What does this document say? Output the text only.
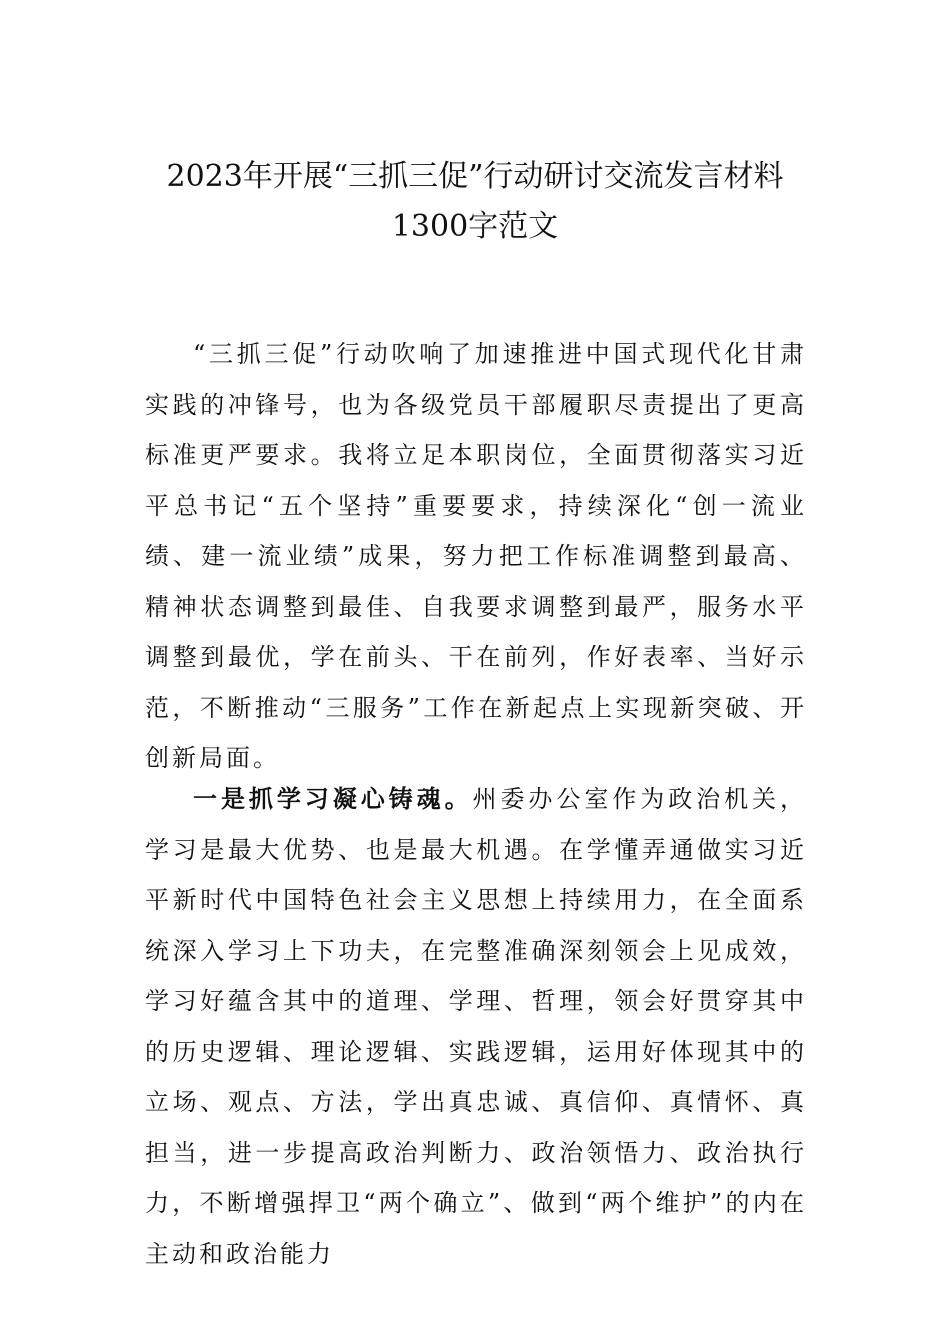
2023年开展“三抓三促”行动研讨交流发言材料1300字范文

“三抓三促”行动吹响了加速推进中国式现代化甘肃实践的冲锋号，也为各级党员干部履职尽责提出了更高标准更严要求。我将立足本职岗位，全面贯彻落实习近平总书记“五个坚持”重要要求，持续深化“创一流业绩、建一流业绩”成果，努力把工作标准调整到最高、精神状态调整到最佳、自我要求调整到最严，服务水平调整到最优，学在前头、干在前列，作好表率、当好示范，不断推动“三服务”工作在新起点上实现新突破、开创新局面。

一是抓学习凝心铸魂。州委办公室作为政治机关，学习是最大优势、也是最大机遇。在学懂弄通做实习近平新时代中国特色社会主义思想上持续用力，在全面系统深入学习上下功夫，在完整准确深刻领会上见成效，学习好蕴含其中的道理、学理、哲理，领会好贯穿其中的历史逻辑、理论逻辑、实践逻辑，运用好体现其中的立场、观点、方法，学出真忠诚、真信仰、真情怀、真担当，进一步提高政治判断力、政治领悟力、政治执行力，不断增强捍卫“两个确立”、做到“两个维护”的内在主动和政治能力
